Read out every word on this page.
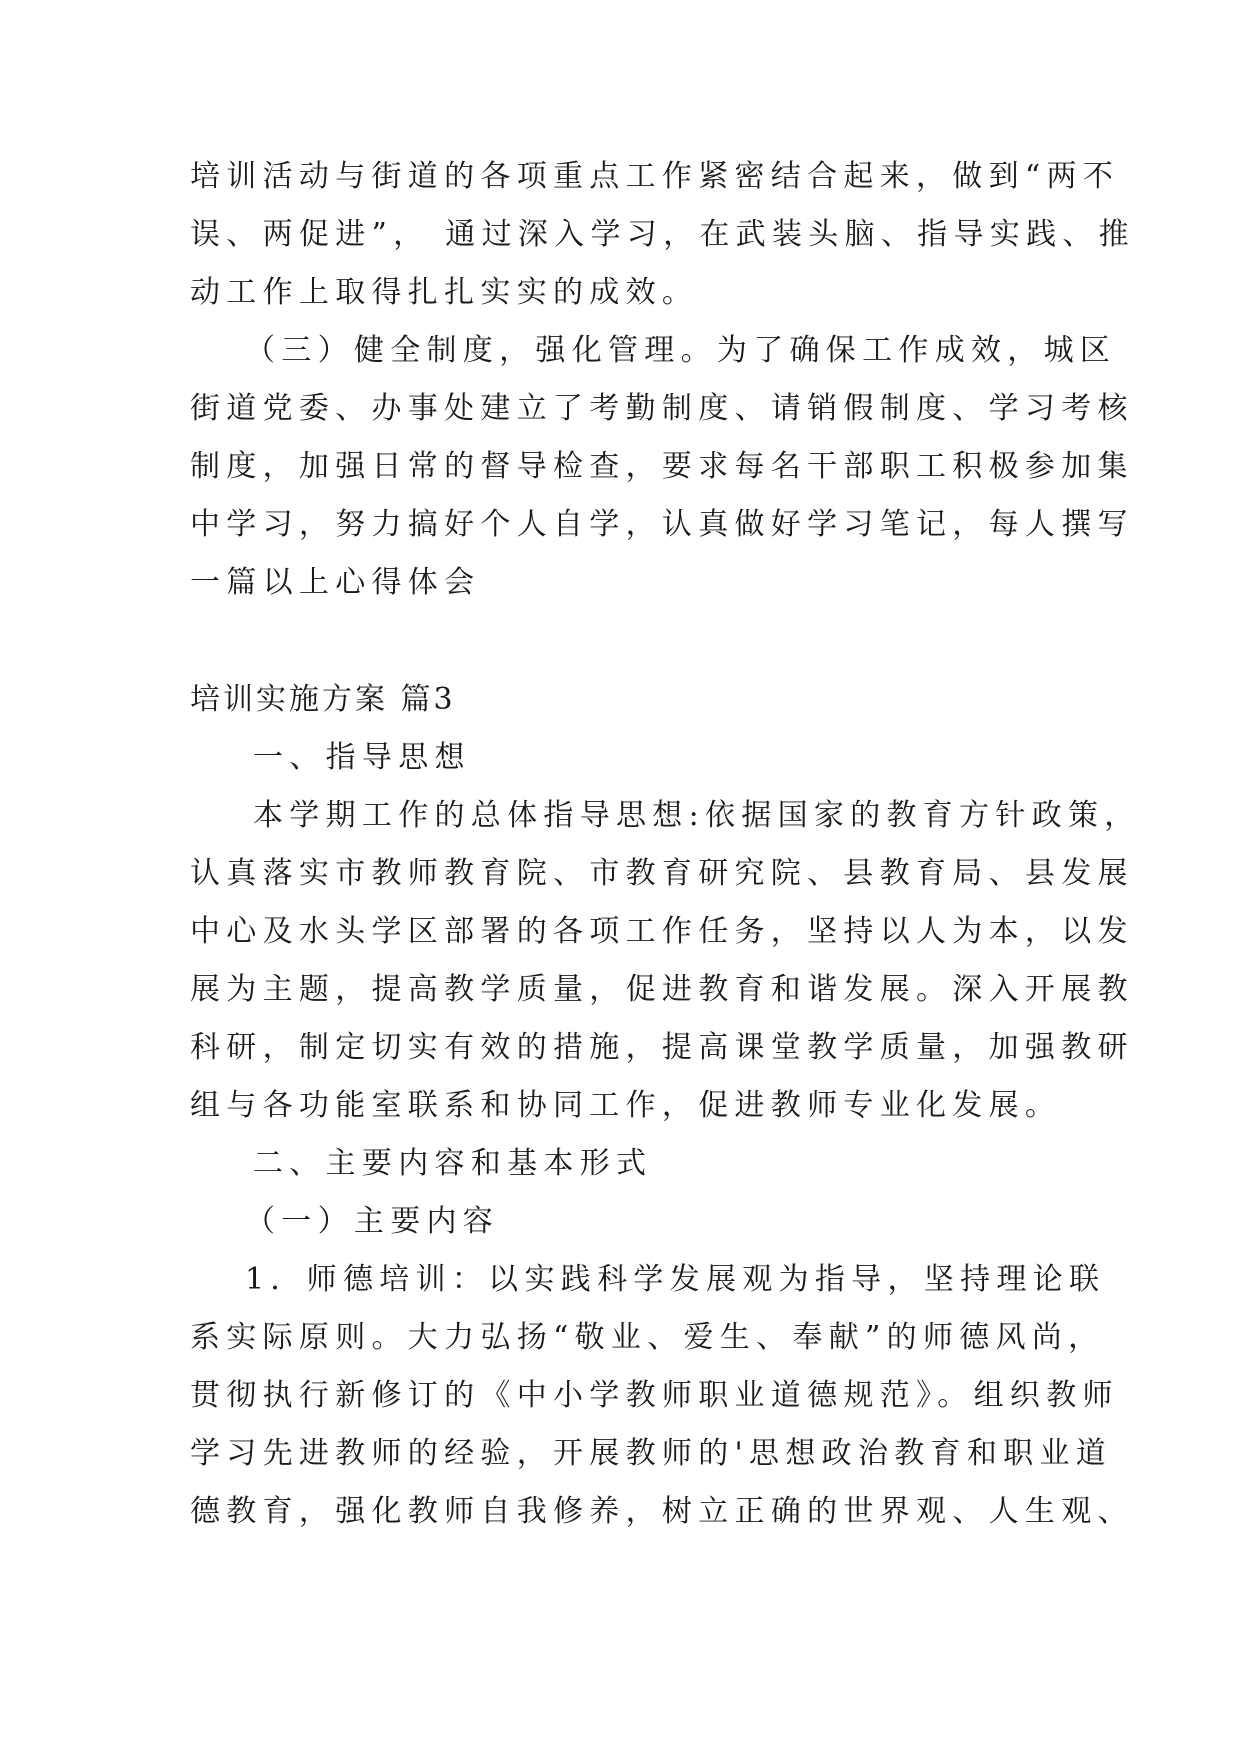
培训活动与街道的各项重点工作紧密结合起来，做到“两不
误、两促进”， 通过深入学习，在武装头脑、指导实践、推
动工作上取得扎扎实实的成效。
（三）健全制度，强化管理。为了确保工作成效，城区
街道党委、办事处建立了考勤制度、请销假制度、学习考核
制度，加强日常的督导检查，要求每名干部职工积极参加集
中学习，努力搞好个人自学，认真做好学习笔记，每人撰写
一篇以上心得体会
培训实施方案 篇3
一、指导思想
本学期工作的总体指导思想:依据国家的教育方针政策，
认真落实市教师教育院、市教育研究院、县教育局、县发展
中心及水头学区部署的各项工作任务，坚持以人为本，以发
展为主题，提高教学质量，促进教育和谐发展。深入开展教
科研，制定切实有效的措施，提高课堂教学质量，加强教研
组与各功能室联系和协同工作，促进教师专业化发展。
二、主要内容和基本形式
（一）主要内容
1．师德培训：以实践科学发展观为指导，坚持理论联
系实际原则。大力弘扬“敬业、爱生、奉献”的师德风尚，
贯彻执行新修订的《中小学教师职业道德规范》。组织教师
学习先进教师的经验，开展教师的'思想政治教育和职业道
德教育，强化教师自我修养，树立正确的世界观、人生观、
